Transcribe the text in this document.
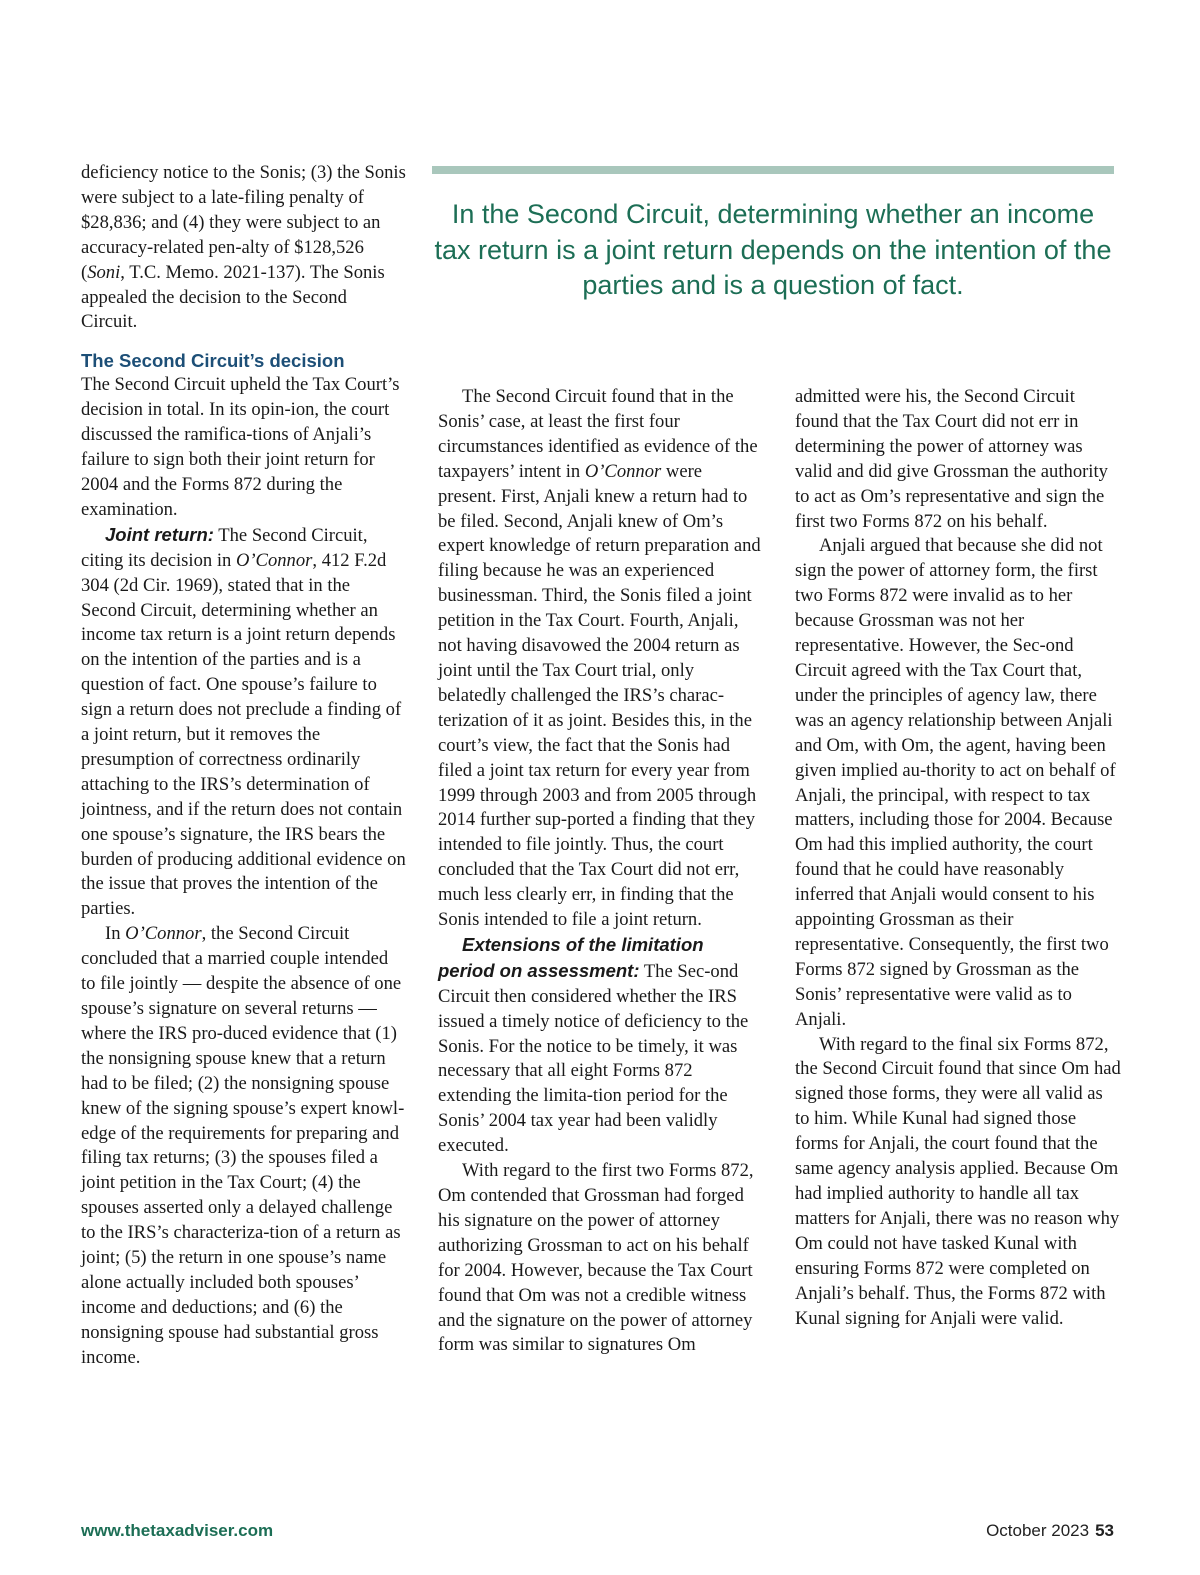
deficiency notice to the Sonis; (3) the Sonis were subject to a late-filing penalty of $28,836; and (4) they were subject to an accuracy-related pen-alty of $128,526 (Soni, T.C. Memo. 2021-137). The Sonis appealed the decision to the Second Circuit.

The Second Circuit’s decision

The Second Circuit upheld the Tax Court’s decision in total. In its opin-ion, the court discussed the ramifica-tions of Anjali’s failure to sign both their joint return for 2004 and the Forms 872 during the examination.

Joint return: The Second Circuit, citing its decision in O’Connor, 412 F.2d 304 (2d Cir. 1969), stated that in the Second Circuit, determining whether an income tax return is a joint return depends on the intention of the parties and is a question of fact. One spouse’s failure to sign a return does not preclude a finding of a joint return, but it removes the presumption of correctness ordinarily attaching to the IRS’s determination of jointness, and if the return does not contain one spouse’s signature, the IRS bears the burden of producing additional evidence on the issue that proves the intention of the parties.

In O’Connor, the Second Circuit concluded that a married couple intended to file jointly — despite the absence of one spouse’s signature on several returns — where the IRS pro-duced evidence that (1) the nonsigning spouse knew that a return had to be filed; (2) the nonsigning spouse knew of the signing spouse’s expert knowl-edge of the requirements for preparing and filing tax returns; (3) the spouses filed a joint petition in the Tax Court; (4) the spouses asserted only a delayed challenge to the IRS’s characteriza-tion of a return as joint; (5) the return in one spouse’s name alone actually included both spouses’ income and deductions; and (6) the nonsigning spouse had substantial gross income.

In the Second Circuit, determining whether an income tax return is a joint return depends on the intention of the parties and is a question of fact.

The Second Circuit found that in the Sonis’ case, at least the first four circumstances identified as evidence of the taxpayers’ intent in O’Connor were present. First, Anjali knew a return had to be filed. Second, Anjali knew of Om’s expert knowledge of return preparation and filing because he was an experienced businessman. Third, the Sonis filed a joint petition in the Tax Court. Fourth, Anjali, not having disavowed the 2004 return as joint until the Tax Court trial, only belatedly challenged the IRS’s charac-terization of it as joint. Besides this, in the court’s view, the fact that the Sonis had filed a joint tax return for every year from 1999 through 2003 and from 2005 through 2014 further sup-ported a finding that they intended to file jointly. Thus, the court concluded that the Tax Court did not err, much less clearly err, in finding that the Sonis intended to file a joint return.

Extensions of the limitation period on assessment: The Sec-ond Circuit then considered whether the IRS issued a timely notice of deficiency to the Sonis. For the notice to be timely, it was necessary that all eight Forms 872 extending the limita-tion period for the Sonis’ 2004 tax year had been validly executed.

With regard to the first two Forms 872, Om contended that Grossman had forged his signature on the power of attorney authorizing Grossman to act on his behalf for 2004. However, because the Tax Court found that Om was not a credible witness and the signature on the power of attorney form was similar to signatures Om

admitted were his, the Second Circuit found that the Tax Court did not err in determining the power of attorney was valid and did give Grossman the authority to act as Om’s representative and sign the first two Forms 872 on his behalf.

Anjali argued that because she did not sign the power of attorney form, the first two Forms 872 were invalid as to her because Grossman was not her representative. However, the Sec-ond Circuit agreed with the Tax Court that, under the principles of agency law, there was an agency relationship between Anjali and Om, with Om, the agent, having been given implied au-thority to act on behalf of Anjali, the principal, with respect to tax matters, including those for 2004. Because Om had this implied authority, the court found that he could have reasonably inferred that Anjali would consent to his appointing Grossman as their representative. Consequently, the first two Forms 872 signed by Grossman as the Sonis’ representative were valid as to Anjali.

With regard to the final six Forms 872, the Second Circuit found that since Om had signed those forms, they were all valid as to him. While Kunal had signed those forms for Anjali, the court found that the same agency analysis applied. Because Om had implied authority to handle all tax matters for Anjali, there was no reason why Om could not have tasked Kunal with ensuring Forms 872 were completed on Anjali’s behalf. Thus, the Forms 872 with Kunal signing for Anjali were valid.

www.thetaxadviser.com	October 2023 53
